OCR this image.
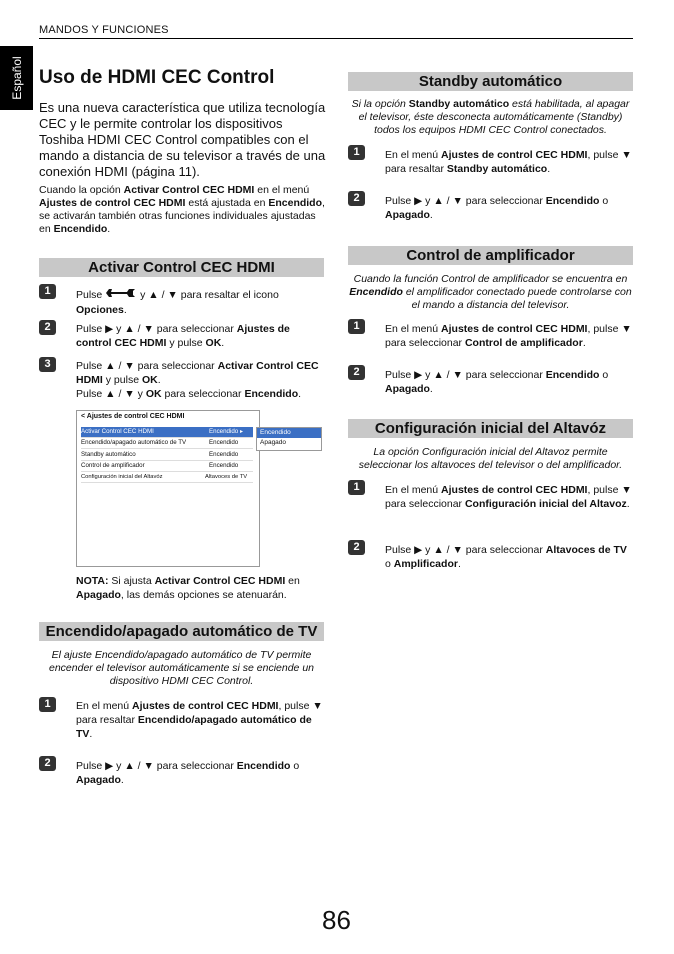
MANDOS Y FUNCIONES
Español Uso de HDMI CEC Control
Es una nueva característica que utiliza tecnología CEC y le permite controlar los dispositivos Toshiba HDMI CEC Control compatibles con el mando a distancia de su televisor a través de una conexión HDMI (página 11).
Cuando la opción Activar Control CEC HDMI en el menú Ajustes de control CEC HDMI está ajustada en Encendido, se activarán también otras funciones individuales ajustadas en Encendido.
Activar Control CEC HDMI
1	Pulse	y ▲ / ▼ para resaltar el icono Opciones.
2	Pulse ▶ y ▲ / ▼ para seleccionar Ajustes de control CEC HDMI y pulse OK.
3	Pulse ▲ / ▼ para seleccionar Activar Control CEC HDMI y pulse OK.
Pulse ▲ / ▼ y OK para seleccionar Encendido.
< Ajustes de control CEC HDMI
Activar Control CEC HDMI	Encendido ▸
Encendido/apagado automático de TV	Encendido
Standby automático	Encendido
Control de amplificador	Encendido
Configuración inicial del Altavóz	Altavoces de TV
Encendido
Apagado
NOTA: Si ajusta Activar Control CEC HDMI en Apagado, las demás opciones se atenuarán.
Encendido/apagado automático de TV
El ajuste Encendido/apagado automático de TV permite encender el televisor automáticamente si se enciende un dispositivo HDMI CEC Control.
1	En el menú Ajustes de control CEC HDMI, pulse ▼ para resaltar Encendido/apagado automático de TV.
2	Pulse ▶ y ▲ / ▼ para seleccionar Encendido o Apagado.
Standby automático
Si la opción Standby automático está habilitada, al apagar el televisor, éste desconecta automáticamente (Standby) todos los equipos HDMI CEC Control conectados.
1	En el menú Ajustes de control CEC HDMI, pulse ▼ para resaltar Standby automático.
2	Pulse ▶ y ▲ / ▼ para seleccionar Encendido o Apagado.
Control de amplificador
Cuando la función Control de amplificador se encuentra en Encendido el amplificador conectado puede controlarse con el mando a distancia del televisor.
1	En el menú Ajustes de control CEC HDMI, pulse ▼ para seleccionar Control de amplificador.
2	Pulse ▶ y ▲ / ▼ para seleccionar Encendido o Apagado.
Configuración inicial del Altavóz
La opción Configuración inicial del Altavoz permite seleccionar los altavoces del televisor o del amplificador.
1	En el menú Ajustes de control CEC HDMI, pulse ▼ para seleccionar Configuración inicial del Altavoz.
2	Pulse ▶ y ▲ / ▼ para seleccionar Altavoces de TV o Amplificador.
86
